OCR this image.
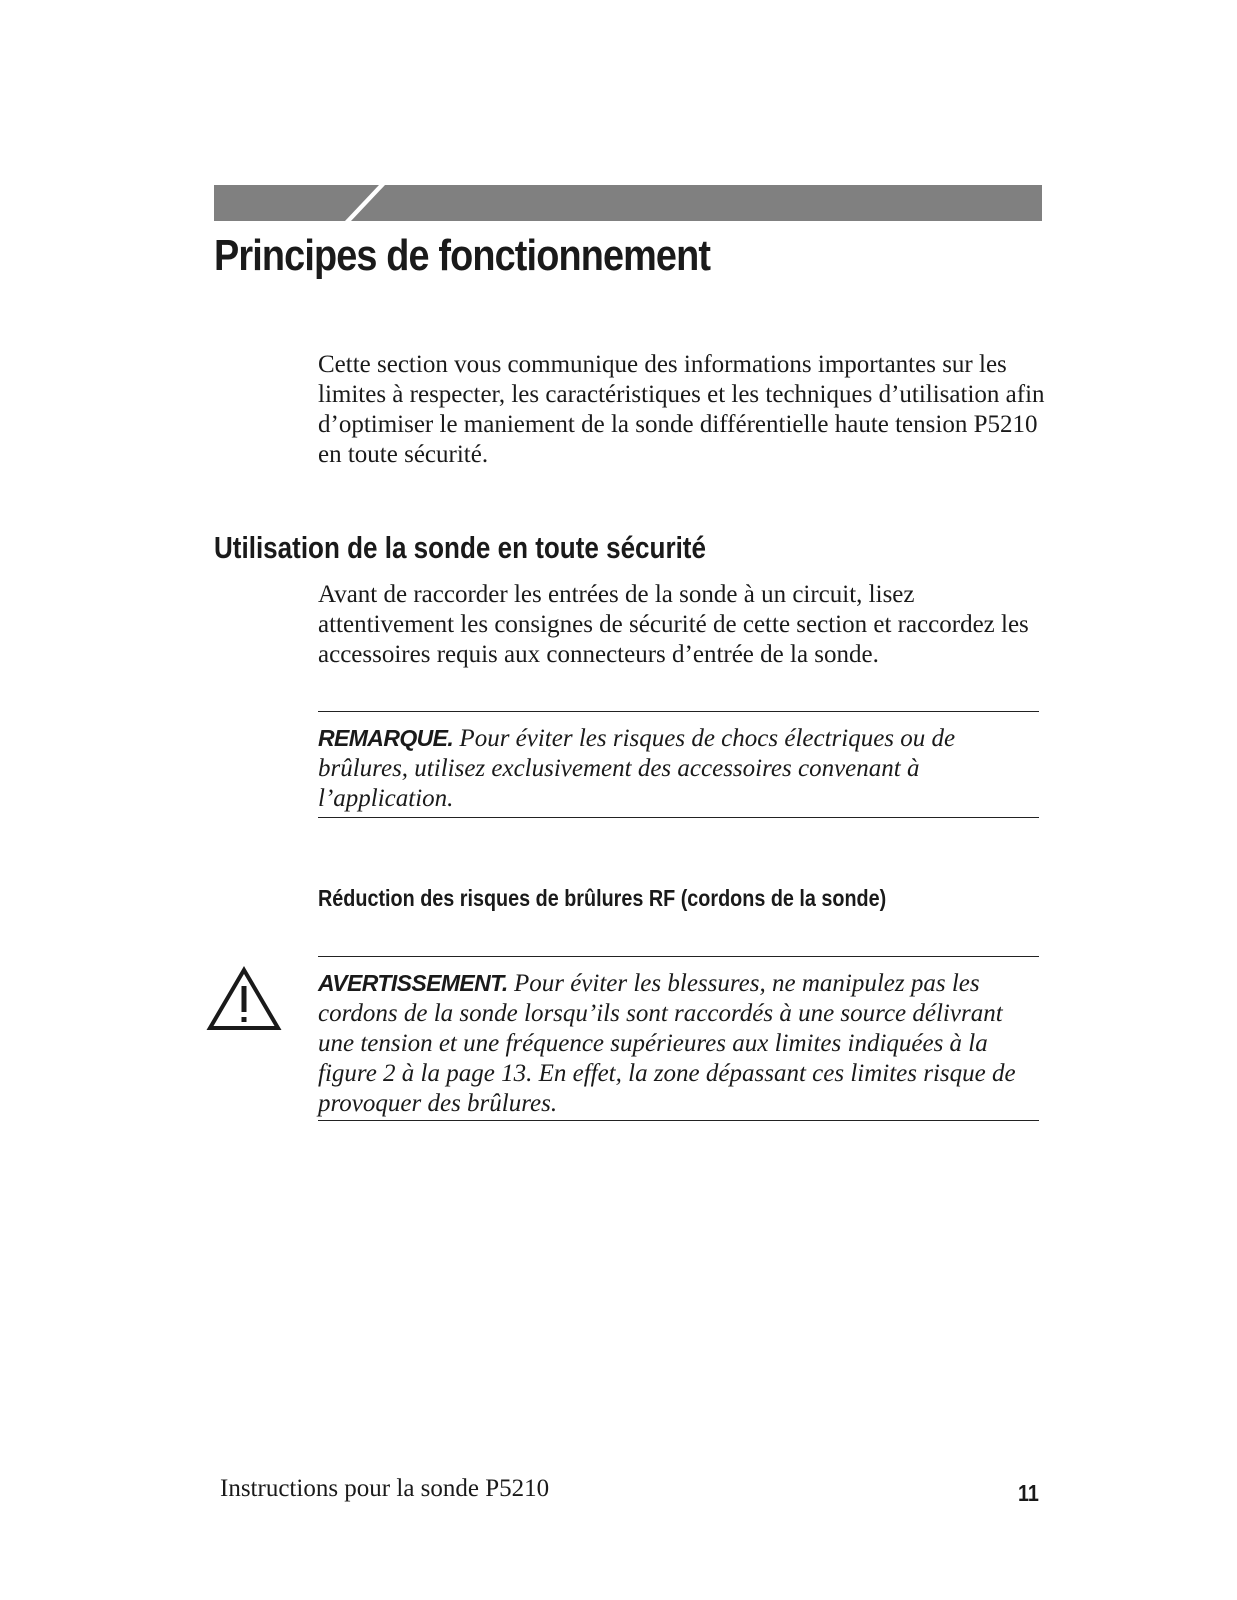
Principes de fonctionnement

Cette section vous communique des informations importantes sur les limites à respecter, les caractéristiques et les techniques d’utilisation afin d’optimiser le maniement de la sonde différentielle haute tension P5210 en toute sécurité.

Utilisation de la sonde en toute sécurité

Avant de raccorder les entrées de la sonde à un circuit, lisez attentivement les consignes de sécurité de cette section et raccordez les accessoires requis aux connecteurs d’entrée de la sonde.

REMARQUE. Pour éviter les risques de chocs électriques ou de brûlures, utilisez exclusivement des accessoires convenant à l’application.

Réduction des risques de brûlures RF (cordons de la sonde)

AVERTISSEMENT. Pour éviter les blessures, ne manipulez pas les cordons de la sonde lorsqu’ils sont raccordés à une source délivrant une tension et une fréquence supérieures aux limites indiquées à la figure 2 à la page 13. En effet, la zone dépassant ces limites risque de provoquer des brûlures.

Instructions pour la sonde P5210	11
